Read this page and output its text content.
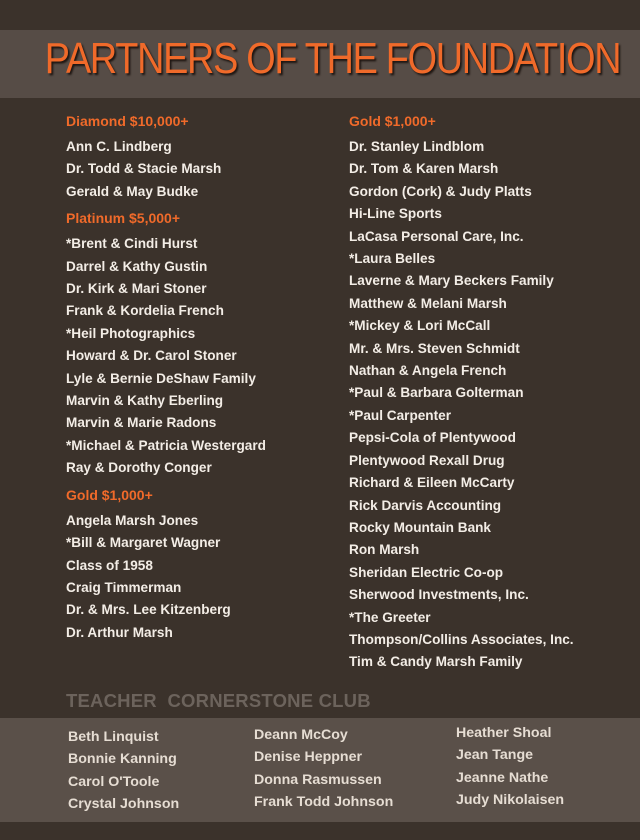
PARTNERS OF THE FOUNDATION
Diamond $10,000+
Ann C. Lindberg
Dr. Todd & Stacie Marsh
Gerald & May Budke
Platinum $5,000+
*Brent & Cindi Hurst
Darrel & Kathy Gustin
Dr. Kirk & Mari Stoner
Frank & Kordelia French
*Heil Photographics
Howard & Dr. Carol Stoner
Lyle & Bernie DeShaw Family
Marvin & Kathy Eberling
Marvin & Marie Radons
*Michael & Patricia Westergard
Ray & Dorothy Conger
Gold $1,000+
Angela Marsh Jones
*Bill & Margaret Wagner
Class of 1958
Craig Timmerman
Dr. & Mrs. Lee Kitzenberg
Dr. Arthur Marsh
Gold $1,000+
Dr. Stanley Lindblom
Dr. Tom & Karen Marsh
Gordon (Cork) & Judy Platts
Hi-Line Sports
LaCasa Personal Care, Inc.
*Laura Belles
Laverne & Mary Beckers Family
Matthew & Melani Marsh
*Mickey & Lori McCall
Mr. & Mrs. Steven Schmidt
Nathan & Angela French
*Paul & Barbara Golterman
*Paul Carpenter
Pepsi-Cola of Plentywood
Plentywood Rexall Drug
Richard & Eileen McCarty
Rick Darvis Accounting
Rocky Mountain Bank
Ron Marsh
Sheridan Electric Co-op
Sherwood Investments, Inc.
*The Greeter
Thompson/Collins Associates, Inc.
Tim & Candy Marsh Family
TEACHER  CORNERSTONE CLUB
Beth Linquist
Bonnie Kanning
Carol O'Toole
Crystal Johnson
Deann McCoy
Denise Heppner
Donna Rasmussen
Frank Todd Johnson
Heather Shoal
Jean Tange
Jeanne Nathe
Judy Nikolaisen
